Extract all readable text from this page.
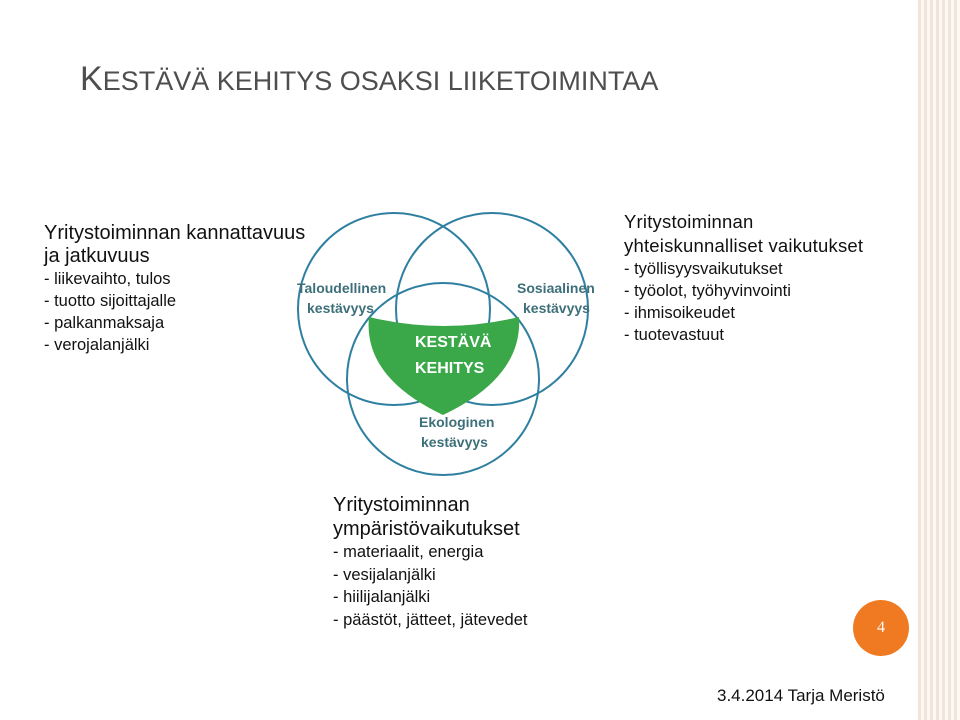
KESTÄVÄ KEHITYS OSAKSI LIIKETOIMINTAA
Yritystoiminnan kannattavuus
ja jatkuvuus
- liikevaihto, tulos
- tuotto sijoittajalle
- palkanmaksaja
- verojalanjälki
Yritystoiminnan
yhteiskunnalliset vaikutukset
- työllisyysvaikutukset
- työolot, työhyvinvointi
- ihmisoikeudet
- tuotevastuut
Taloudellinen
kestävyys
Sosiaalinen
kestävyys
KESTÄVÄ
KEHITYS
Ekologinen
kestävyys
Yritystoiminnan
ympäristövaikutukset
- materiaalit, energia
- vesijalanjälki
- hiilijalanjälki
- päästöt, jätteet, jätevedet	4
3.4.2014 Tarja Meristö
